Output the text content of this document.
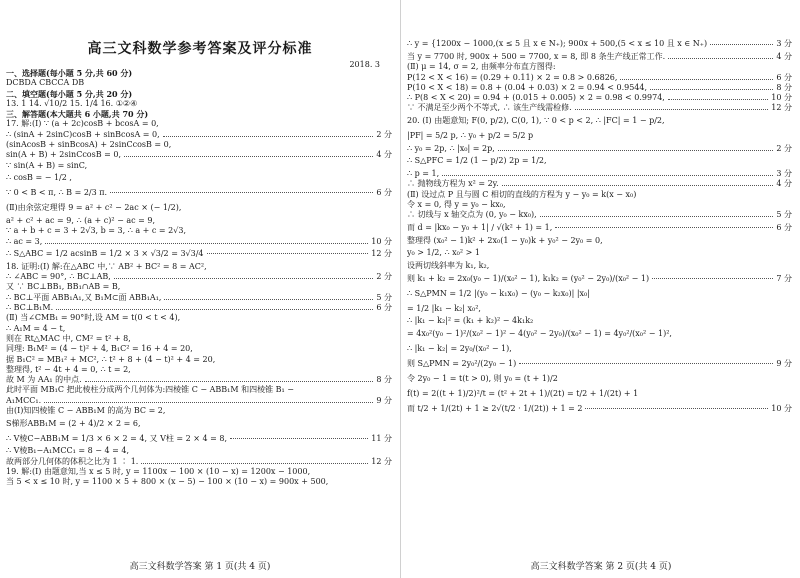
高三文科数学参考答案及评分标准
2018. 3
一、选择题(每小题 5 分,共 60 分)
DCBDA CBCCA DB
二、填空题(每小题 5 分,共 20 分)
13. 1 14. √10/2 15. 1/4 16. ①②④
三、解答题(本大题共 6 小题,共 70 分)
17. 解:(Ⅰ) ∵ (a + 2c)cosB + bcosA = 0,
∴ (sinA + 2sinC)cosB + sinBcosA = 0,	2 分
(sinAcosB + sinBcosA) + 2sinCcosB = 0,
sin(A + B) + 2sinCcosB = 0,	4 分
∵ sin(A + B) = sinC,
∴ cosB = − 1/2 ,
∵ 0 < B < π, ∴ B = 2/3 π.	6 分
(Ⅱ)由余弦定理得 9 = a² + c² − 2ac × (− 1/2),
a² + c² + ac = 9, ∴ (a + c)² − ac = 9,
∵ a + b + c = 3 + 2√3, b = 3, ∴ a + c = 2√3,
∴ ac = 3,	10 分
∴ S△ABC = 1/2 acsinB = 1/2 × 3 × √3/2 = 3√3/4	12 分
18. 证明:(Ⅰ) 解:在△ABC 中,∵ AB² + BC² = 8 = AC²,
∴ ∠ABC = 90°, ∴ BC⊥AB,	2 分
又 ∵ BC⊥BB₁, BB₁∩AB = B,
∴ BC⊥平面 ABB₁A₁,又 B₁M⊂面 ABB₁A₁,	5 分
∴ BC⊥B₁M.	6 分
(Ⅱ) 当∠CMB₁ = 90°时,设 AM = t(0 < t < 4),
∴ A₁M = 4 − t,
则在 Rt△MAC 中, CM² = t² + 8,
同理: B₁M² = (4 − t)² + 4, B₁C² = 16 + 4 = 20,
据 B₁C² = MB₁² + MC², ∴ t² + 8 + (4 − t)² + 4 = 20,
整理得, t² − 4t + 4 = 0, ∴ t = 2,
故 M 为 AA₁ 的中点.	8 分
此时平面 MB₁C 把此棱柱分成两个几何体为:四棱锥 C − ABB₁M 和四棱锥 B₁ −
A₁MCC₁.	9 分
由(Ⅰ)知四棱锥 C − ABB₁M 的高为 BC = 2,
S梯形ABB₁M = (2 + 4)/2 × 2 = 6,
∴ V棱C−ABB₁M = 1/3 × 6 × 2 = 4, 又 V柱 = 2 × 4 = 8,	11 分
∴ V棱B₁−A₁MCC₁ = 8 − 4 = 4,
故两部分几何体的体积之比为 1 ∶ 1.	12 分
19. 解:(Ⅰ) 由题意知,当 x ≤ 5 时, y = 1100x − 100 × (10 − x) = 1200x − 1000,
当 5 < x ≤ 10 时, y = 1100 × 5 + 800 × (x − 5) − 100 × (10 − x) = 900x + 500,
高三文科数学答案 第 1 页(共 4 页)
∴ y = {1200x − 1000,(x ≤ 5 且 x ∈ N₊); 900x + 500,(5 < x ≤ 10 且 x ∈ N₊)	3 分
当 y = 7700 时, 900x + 500 = 7700, x = 8, 即 8 条生产线正常工作.	4 分
(Ⅱ) μ = 14, σ = 2, 由频率分布直方图得:
P(12 < X < 16) = (0.29 + 0.11) × 2 = 0.8 > 0.6826,	6 分
P(10 < X < 18) = 0.8 + (0.04 + 0.03) × 2 = 0.94 < 0.9544,	8 分
∴ P(8 < X < 20) = 0.94 + (0.015 + 0.005) × 2 = 0.98 < 0.9974,	10 分
∵ 不满足至少两个不等式, ∴ 该生产线需检修.	12 分
20. (Ⅰ) 由题意知; F(0, p/2), C(0, 1), ∵ 0 < p < 2, ∴ |FC| = 1 − p/2,
|PF| = 5/2 p, ∴ y₀ + p/2 = 5/2 p
∴ y₀ = 2p, ∴ |x₀| = 2p,	2 分
∴ S△PFC = 1/2 (1 − p/2) 2p = 1/2,
∴ p = 1,	3 分
∴ 抛物线方程为 x² = 2y.	4 分
(Ⅱ) 设过点 P 且与圆 C 相切的直线的方程为 y − y₀ = k(x − x₀)
令 x = 0, 得 y = y₀ − kx₀,
∴ 切线与 x 轴交点为 (0, y₀ − kx₀),	5 分
而 d = |kx₀ − y₀ + 1| / √(k² + 1) = 1,	6 分
整理得 (x₀² − 1)k² + 2x₀(1 − y₀)k + y₀² − 2y₀ = 0,
y₀ > 1/2, ∴ x₀² > 1
设两切线斜率为 k₁, k₂,
则 k₁ + k₂ = 2x₀(y₀ − 1)/(x₀² − 1), k₁k₂ = (y₀² − 2y₀)/(x₀² − 1)	7 分
∴ S△PMN = 1/2 |(y₀ − k₁x₀) − (y₀ − k₂x₀)| |x₀|
= 1/2 |k₁ − k₂| x₀²,
∴ |k₁ − k₂|² = (k₁ + k₂)² − 4k₁k₂
= 4x₀²(y₀ − 1)²/(x₀² − 1)² − 4(y₀² − 2y₀)/(x₀² − 1) = 4y₀²/(x₀² − 1)²,
∴ |k₁ − k₂| = 2y₀/(x₀² − 1),
则 S△PMN = 2y₀²/(2y₀ − 1)	9 分
令 2y₀ − 1 = t(t > 0), 则 y₀ = (t + 1)/2
f(t) = 2((t + 1)/2)²/t = (t² + 2t + 1)/(2t) = t/2 + 1/(2t) + 1
而 t/2 + 1/(2t) + 1 ≥ 2√(t/2 · 1/(2t)) + 1 = 2	10 分
高三文科数学答案 第 2 页(共 4 页)
